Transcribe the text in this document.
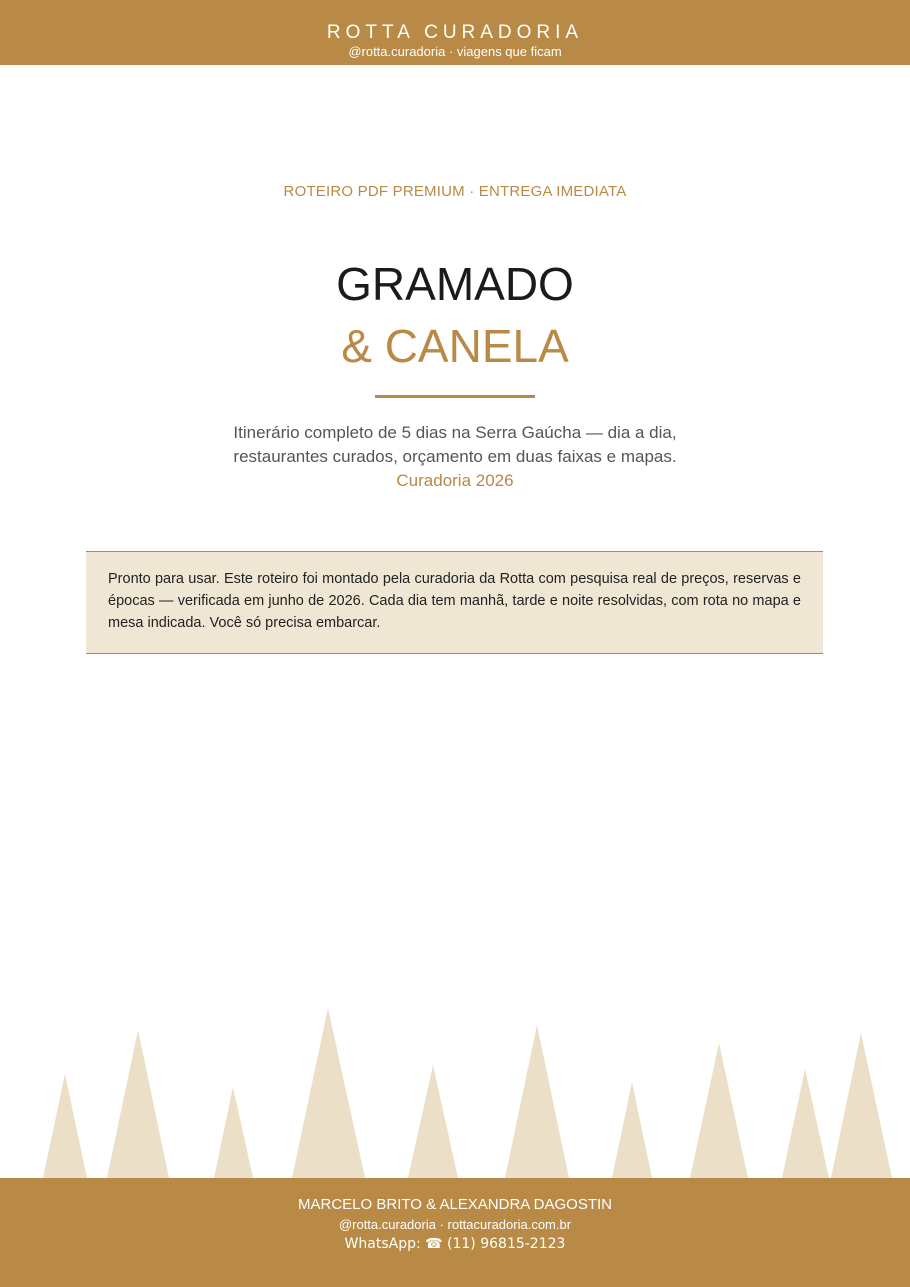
ROTTA CURADORIA
@rotta.curadoria · viagens que ficam
ROTEIRO PDF PREMIUM · ENTREGA IMEDIATA
GRAMADO
& CANELA
Itinerário completo de 5 dias na Serra Gaúcha — dia a dia,
restaurantes curados, orçamento em duas faixas e mapas.
Curadoria 2026

Pronto para usar. Este roteiro foi montado pela curadoria da Rotta com pesquisa real de preços, reservas e épocas — verificada em junho de 2026. Cada dia tem manhã, tarde e noite resolvidas, com rota no mapa e mesa indicada. Você só precisa embarcar.

MARCELO BRITO & ALEXANDRA DAGOSTIN
@rotta.curadoria · rottacuradoria.com.br
WhatsApp: ☎ (11) 96815-2123
